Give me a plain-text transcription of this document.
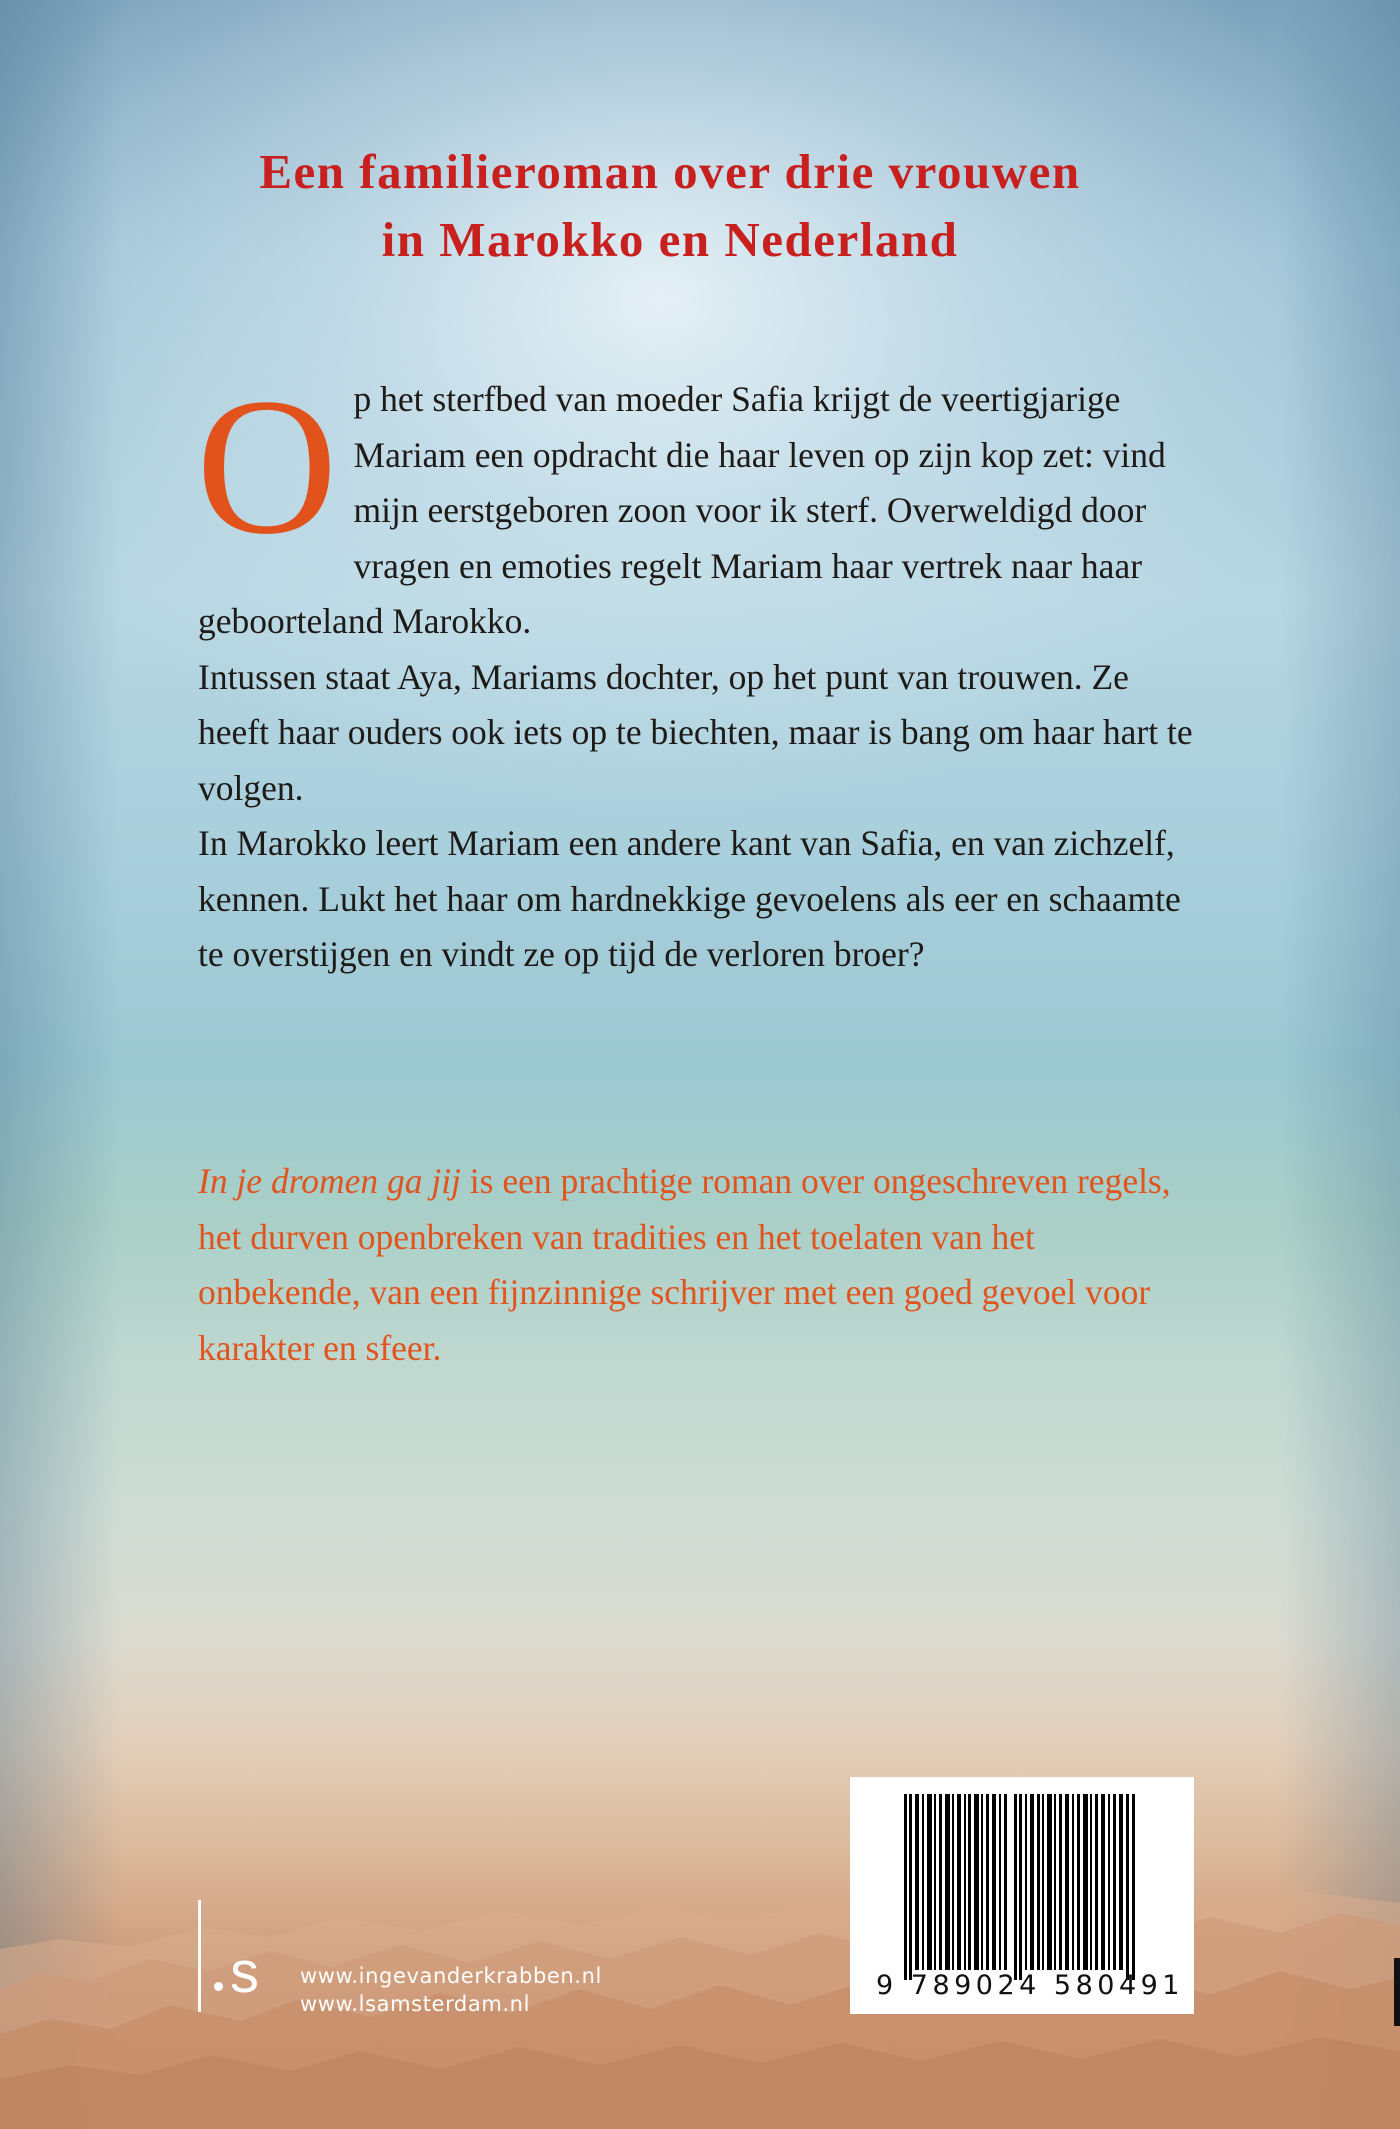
Een familieroman over drie vrouwen
in Marokko en Nederland
O p het sterfbed van moeder Safia krijgt de veertigjarige Mariam een opdracht die haar leven op zijn kop zet: vind mijn eerstgeboren zoon voor ik sterf. Overweldigd door vragen en emoties regelt Mariam haar vertrek naar haar geboorteland Marokko.

Intussen staat Aya, Mariams dochter, op het punt van trouwen. Ze heeft haar ouders ook iets op te biechten, maar is bang om haar hart te volgen.

In Marokko leert Mariam een andere kant van Safia, en van zichzelf, kennen. Lukt het haar om hardnekkige gevoelens als eer en schaamte te overstijgen en vindt ze op tijd de verloren broer?

In je dromen ga jij is een prachtige roman over ongeschreven regels, het durven openbreken van tradities en het toelaten van het onbekende, van een fijnzinnige schrijver met een goed gevoel voor karakter en sfeer.
s www.ingevanderkrabben.nl
www.lsamsterdam.nl
9 789024 580491
